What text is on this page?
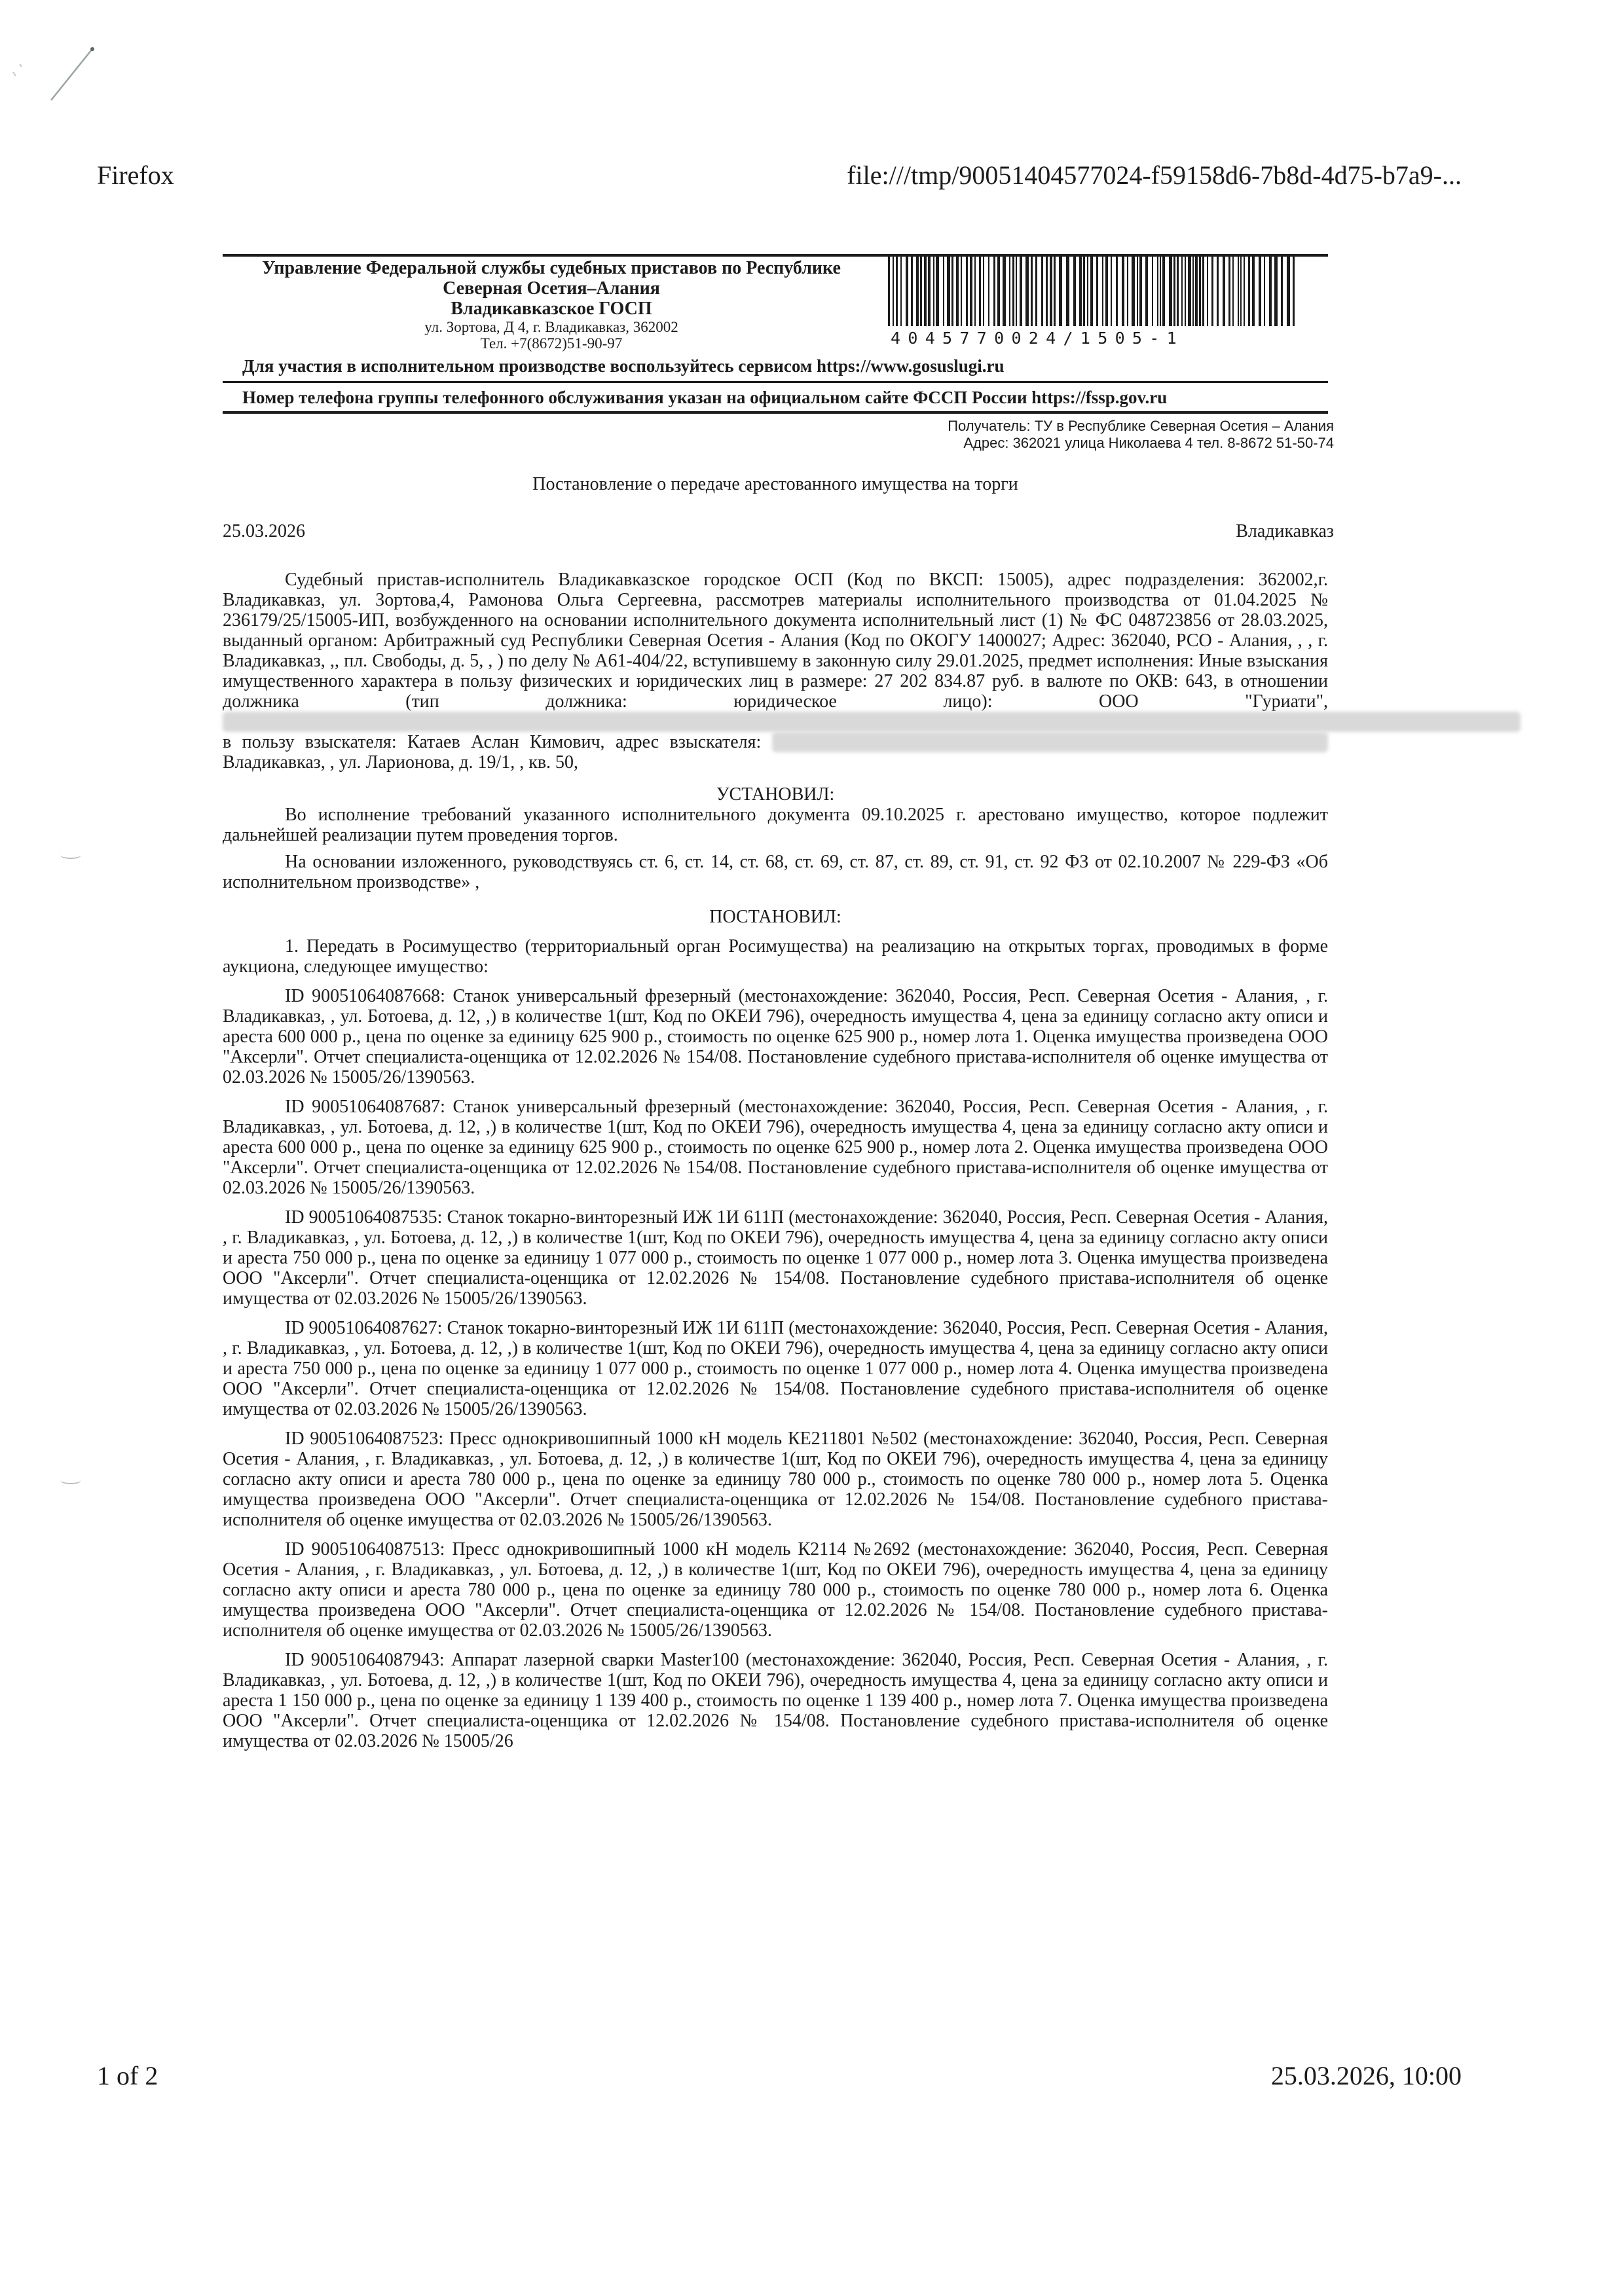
Firefox	file:///tmp/90051404577024-f59158d6-7b8d-4d75-b7a9-...
Управление Федеральной службы судебных приставов по Республике
Северная Осетия–Алания
Владикавказское ГОСП
ул. Зортова, Д 4, г. Владикавказ, 362002
Тел. +7(8672)51-90-97	4045770024/1505-1
Для участия в исполнительном производстве воспользуйтесь сервисом https://www.gosuslugi.ru
Номер телефона группы телефонного обслуживания указан на официальном сайте ФССП России https://fssp.gov.ru
Получатель: ТУ в Республике Северная Осетия – Алания
Адрес: 362021 улица Николаева 4 тел. 8-8672 51-50-74
Постановление о передаче арестованного имущества на торги
25.03.2026	Владикавказ

Судебный пристав-исполнитель Владикавказское городское ОСП (Код по ВКСП: 15005), адрес подразделения: 362002,г. Владикавказ, ул. Зортова,4, Рамонова Ольга Сергеевна, рассмотрев материалы исполнительного производства от 01.04.2025 № 236179/25/15005-ИП, возбужденного на основании исполнительного документа исполнительный лист (1) № ФС 048723856 от 28.03.2025, выданный органом: Арбитражный суд Республики Северная Осетия - Алания (Код по ОКОГУ 1400027; Адрес: 362040, РСО - Алания, , , г. Владикавказ, ,, пл. Свободы, д. 5, , ) по делу № А61-404/22, вступившему в законную силу 29.01.2025, предмет исполнения: Иные взыскания имущественного характера в пользу физических и юридических лиц в размере: 27 202 834.87 руб. в валюте по ОКВ: 643, в отношении должника (тип должника: юридическое лицо): ООО "Гуриати", в пользу взыскателя: Катаев Аслан Кимович, адрес взыскателя: Владикавказ, , ул. Ларионова, д. 19/1, , кв. 50,

УСТАНОВИЛ:

Во исполнение требований указанного исполнительного документа 09.10.2025 г. арестовано имущество, которое подлежит дальнейшей реализации путем проведения торгов.

На основании изложенного, руководствуясь ст. 6, ст. 14, ст. 68, ст. 69, ст. 87, ст. 89, ст. 91, ст. 92 ФЗ от 02.10.2007 № 229-ФЗ «Об исполнительном производстве» ,

ПОСТАНОВИЛ:

1. Передать в Росимущество (территориальный орган Росимущества) на реализацию на открытых торгах, проводимых в форме аукциона, следующее имущество:

ID 90051064087668: Станок универсальный фрезерный (местонахождение: 362040, Россия, Респ. Северная Осетия - Алания, , г. Владикавказ, , ул. Ботоева, д. 12, ,) в количестве 1(шт, Код по ОКЕИ 796), очередность имущества 4, цена за единицу согласно акту описи и ареста 600 000 р., цена по оценке за единицу 625 900 р., стоимость по оценке 625 900 р., номер лота 1. Оценка имущества произведена ООО "Аксерли". Отчет специалиста-оценщика от 12.02.2026 № 154/08. Постановление судебного пристава-исполнителя об оценке имущества от 02.03.2026 № 15005/26/1390563.

ID 90051064087687: Станок универсальный фрезерный (местонахождение: 362040, Россия, Респ. Северная Осетия - Алания, , г. Владикавказ, , ул. Ботоева, д. 12, ,) в количестве 1(шт, Код по ОКЕИ 796), очередность имущества 4, цена за единицу согласно акту описи и ареста 600 000 р., цена по оценке за единицу 625 900 р., стоимость по оценке 625 900 р., номер лота 2. Оценка имущества произведена ООО "Аксерли". Отчет специалиста-оценщика от 12.02.2026 № 154/08. Постановление судебного пристава-исполнителя об оценке имущества от 02.03.2026 № 15005/26/1390563.

ID 90051064087535: Станок токарно-винторезный ИЖ 1И 611П (местонахождение: 362040, Россия, Респ. Северная Осетия - Алания, , г. Владикавказ, , ул. Ботоева, д. 12, ,) в количестве 1(шт, Код по ОКЕИ 796), очередность имущества 4, цена за единицу согласно акту описи и ареста 750 000 р., цена по оценке за единицу 1 077 000 р., стоимость по оценке 1 077 000 р., номер лота 3. Оценка имущества произведена ООО "Аксерли". Отчет специалиста-оценщика от 12.02.2026 № 154/08. Постановление судебного пристава-исполнителя об оценке имущества от 02.03.2026 № 15005/26/1390563.

ID 90051064087627: Станок токарно-винторезный ИЖ 1И 611П (местонахождение: 362040, Россия, Респ. Северная Осетия - Алания, , г. Владикавказ, , ул. Ботоева, д. 12, ,) в количестве 1(шт, Код по ОКЕИ 796), очередность имущества 4, цена за единицу согласно акту описи и ареста 750 000 р., цена по оценке за единицу 1 077 000 р., стоимость по оценке 1 077 000 р., номер лота 4. Оценка имущества произведена ООО "Аксерли". Отчет специалиста-оценщика от 12.02.2026 № 154/08. Постановление судебного пристава-исполнителя об оценке имущества от 02.03.2026 № 15005/26/1390563.

ID 90051064087523: Пресс однокривошипный 1000 кН модель КЕ211801 №502 (местонахождение: 362040, Россия, Респ. Северная Осетия - Алания, , г. Владикавказ, , ул. Ботоева, д. 12, ,) в количестве 1(шт, Код по ОКЕИ 796), очередность имущества 4, цена за единицу согласно акту описи и ареста 780 000 р., цена по оценке за единицу 780 000 р., стоимость по оценке 780 000 р., номер лота 5. Оценка имущества произведена ООО "Аксерли". Отчет специалиста-оценщика от 12.02.2026 № 154/08. Постановление судебного пристава-исполнителя об оценке имущества от 02.03.2026 № 15005/26/1390563.

ID 90051064087513: Пресс однокривошипный 1000 кН модель К2114 №2692 (местонахождение: 362040, Россия, Респ. Северная Осетия - Алания, , г. Владикавказ, , ул. Ботоева, д. 12, ,) в количестве 1(шт, Код по ОКЕИ 796), очередность имущества 4, цена за единицу согласно акту описи и ареста 780 000 р., цена по оценке за единицу 780 000 р., стоимость по оценке 780 000 р., номер лота 6. Оценка имущества произведена ООО "Аксерли". Отчет специалиста-оценщика от 12.02.2026 № 154/08. Постановление судебного пристава-исполнителя об оценке имущества от 02.03.2026 № 15005/26/1390563.

ID 90051064087943: Аппарат лазерной сварки Master100 (местонахождение: 362040, Россия, Респ. Северная Осетия - Алания, , г. Владикавказ, , ул. Ботоева, д. 12, ,) в количестве 1(шт, Код по ОКЕИ 796), очередность имущества 4, цена за единицу согласно акту описи и ареста 1 150 000 р., цена по оценке за единицу 1 139 400 р., стоимость по оценке 1 139 400 р., номер лота 7. Оценка имущества произведена ООО "Аксерли". Отчет специалиста-оценщика от 12.02.2026 № 154/08. Постановление судебного пристава-исполнителя об оценке имущества от 02.03.2026 № 15005/26

1 of 2	25.03.2026, 10:00
